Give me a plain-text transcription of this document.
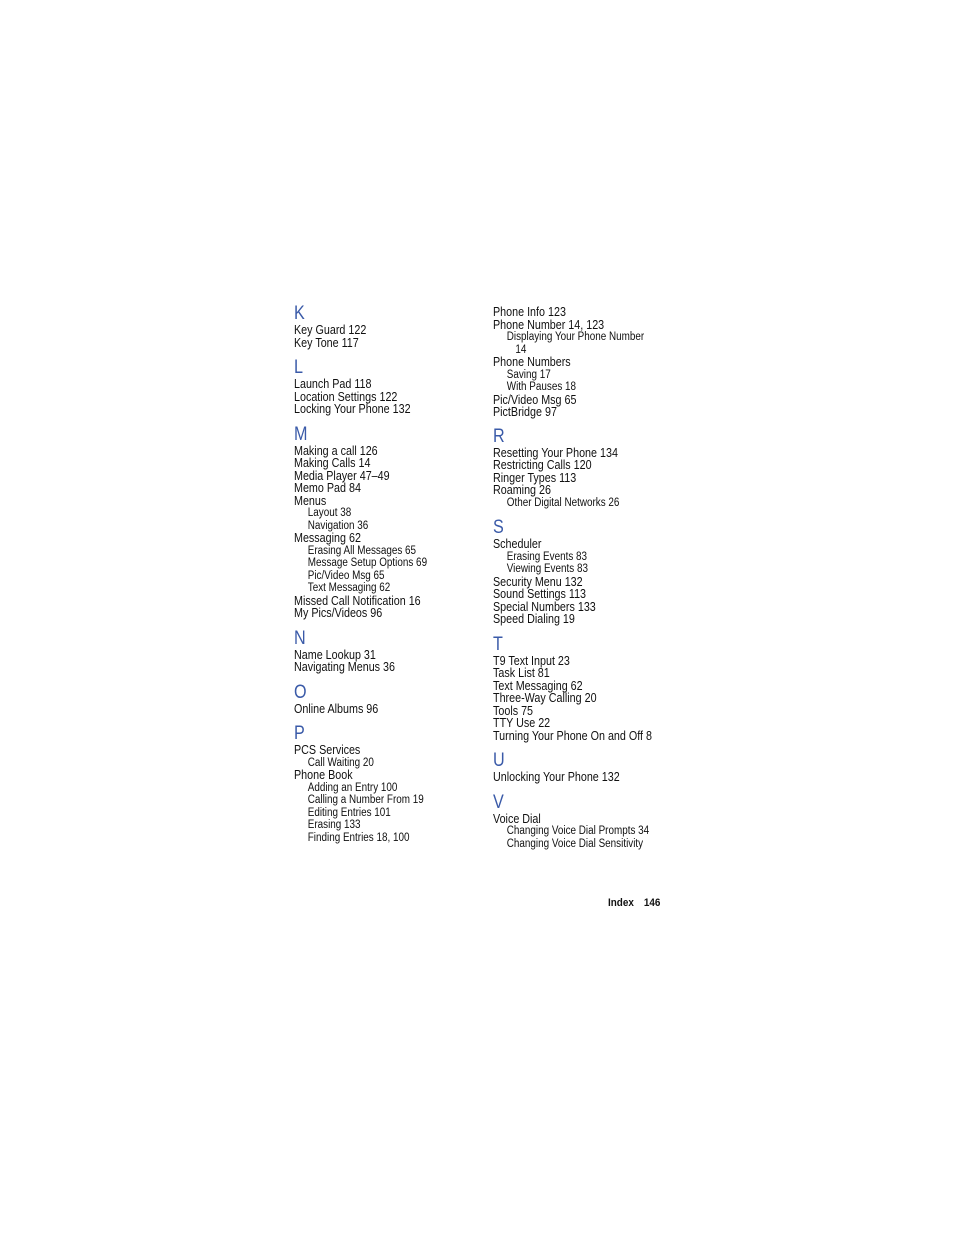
K
Key Guard 122
Key Tone 117
L
Launch Pad 118
Location Settings 122
Locking Your Phone 132
M
Making a call 126
Making Calls 14
Media Player 47–49
Memo Pad 84
Menus
Layout 38
Navigation 36
Messaging 62
Erasing All Messages 65
Message Setup Options 69
Pic/Video Msg 65
Text Messaging 62
Missed Call Notification 16
My Pics/Videos 96
N
Name Lookup 31
Navigating Menus 36
O
Online Albums 96
P
PCS Services
Call Waiting 20
Phone Book
Adding an Entry 100
Calling a Number From 19
Editing Entries 101
Erasing 133
Finding Entries 18, 100
Phone Info 123
Phone Number 14, 123
Displaying Your Phone Number
14
Phone Numbers
Saving 17
With Pauses 18
Pic/Video Msg 65
PictBridge 97
R
Resetting Your Phone 134
Restricting Calls 120
Ringer Types 113
Roaming 26
Other Digital Networks 26
S
Scheduler
Erasing Events 83
Viewing Events 83
Security Menu 132
Sound Settings 113
Special Numbers 133
Speed Dialing 19
T
T9 Text Input 23
Task List 81
Text Messaging 62
Three-Way Calling 20
Tools 75
TTY Use 22
Turning Your Phone On and Off 8
U
Unlocking Your Phone 132
V
Voice Dial
Changing Voice Dial Prompts 34
Changing Voice Dial Sensitivity
Index 146
